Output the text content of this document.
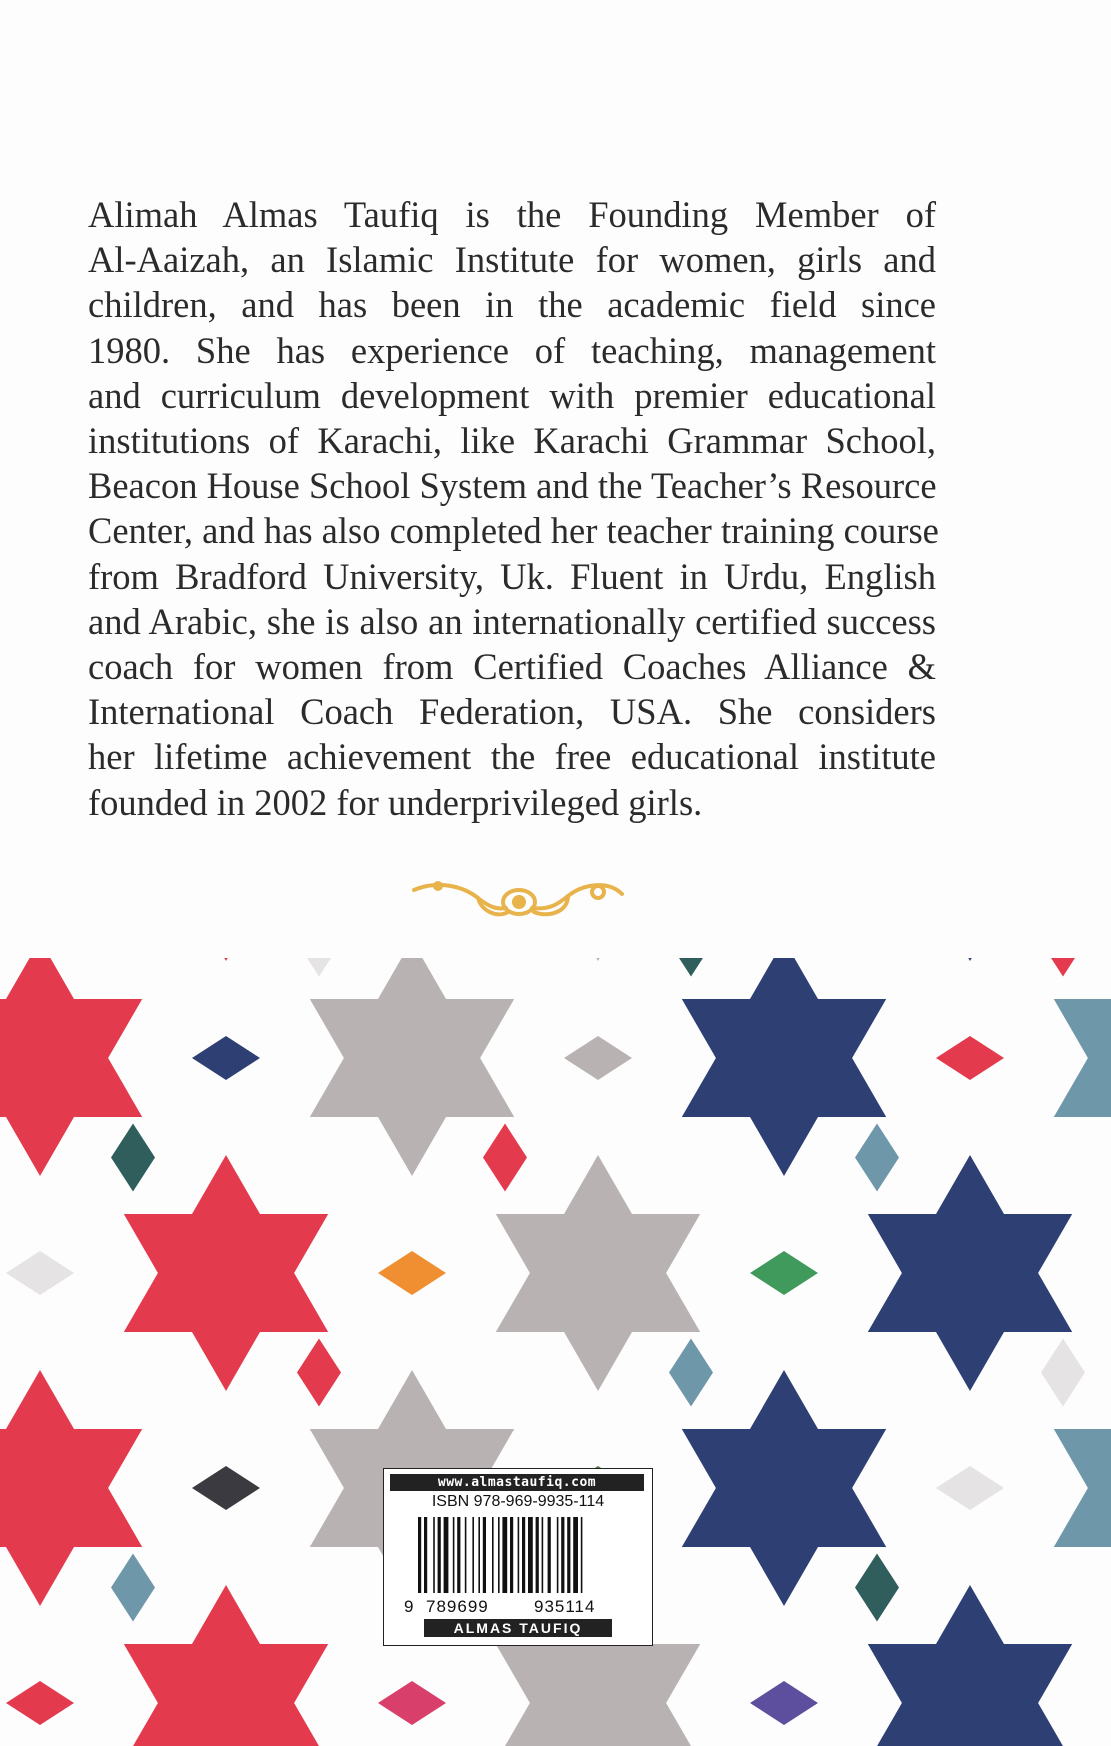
Alimah Almas Taufiq is the Founding Member of
Al-Aaizah, an Islamic Institute for women, girls and
children, and has been in the academic field since
1980. She has experience of teaching, management
and curriculum development with premier educational
institutions of Karachi, like Karachi Grammar School,
Beacon House School System and the Teacher’s Resource
Center, and has also completed her teacher training course
from Bradford University, Uk. Fluent in Urdu, English
and Arabic, she is also an internationally certified success
coach for women from Certified Coaches Alliance &
International Coach Federation, USA. She considers
her lifetime achievement the free educational institute
founded in 2002 for underprivileged girls.
www.almastaufiq.com
ISBN 978-969-9935-114
9 789699	935114
ALMAS TAUFIQ
